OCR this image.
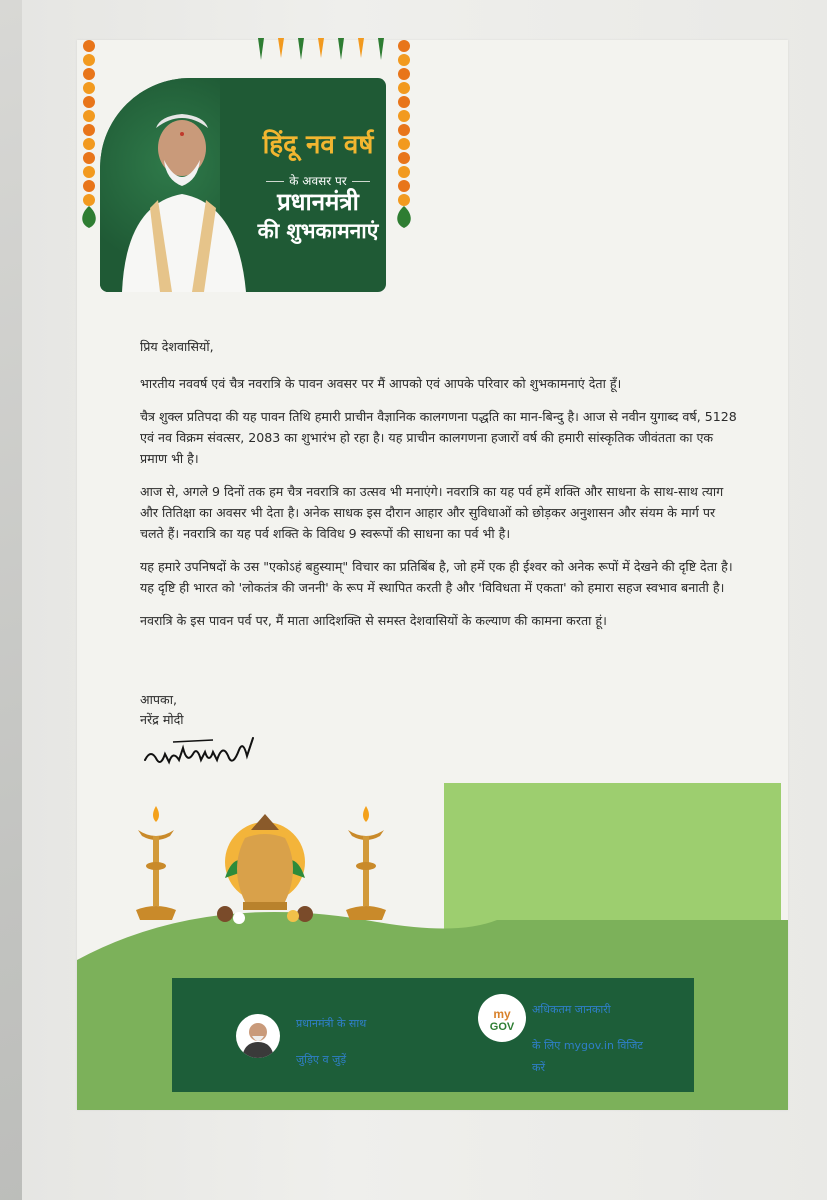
हिंदू नव वर्ष
के अवसर पर
प्रधानमंत्री
की शुभकामनाएं

प्रिय देशवासियों,

भारतीय नववर्ष एवं चैत्र नवरात्रि के पावन अवसर पर मैं आपको एवं आपके परिवार को शुभकामनाएं देता हूँ।

चैत्र शुक्ल प्रतिपदा की यह पावन तिथि हमारी प्राचीन वैज्ञानिक कालगणना पद्धति का मान-बिन्दु है। आज से नवीन युगाब्द वर्ष, 5128 एवं नव विक्रम संवत्सर, 2083 का शुभारंभ हो रहा है। यह प्राचीन कालगणना हजारों वर्ष की हमारी सांस्कृतिक जीवंतता का एक प्रमाण भी है।

आज से, अगले 9 दिनों तक हम चैत्र नवरात्रि का उत्सव भी मनाएंगे। नवरात्रि का यह पर्व हमें शक्ति और साधना के साथ-साथ त्याग और तितिक्षा का अवसर भी देता है। अनेक साधक इस दौरान आहार और सुविधाओं को छोड़कर अनुशासन और संयम के मार्ग पर चलते हैं। नवरात्रि का यह पर्व शक्ति के विविध 9 स्वरूपों की साधना का पर्व भी है।

यह हमारे उपनिषदों के उस "एकोऽहं बहुस्याम्" विचार का प्रतिबिंब है, जो हमें एक ही ईश्वर को अनेक रूपों में देखने की दृष्टि देता है। यह दृष्टि ही भारत को 'लोकतंत्र की जननी' के रूप में स्थापित करती है और 'विविधता में एकता' को हमारा सहज स्वभाव बनाती है।

नवरात्रि के इस पावन पर्व पर, मैं माता आदिशक्ति से समस्त देशवासियों के कल्याण की कामना करता हूं।

आपका,
नरेंद्र मोदी
प्रधानमंत्री के साथ
जुड़िए व जुड़ें
my
GOV
अधिकतम जानकारी
के लिए mygov.in विजिट
करें
